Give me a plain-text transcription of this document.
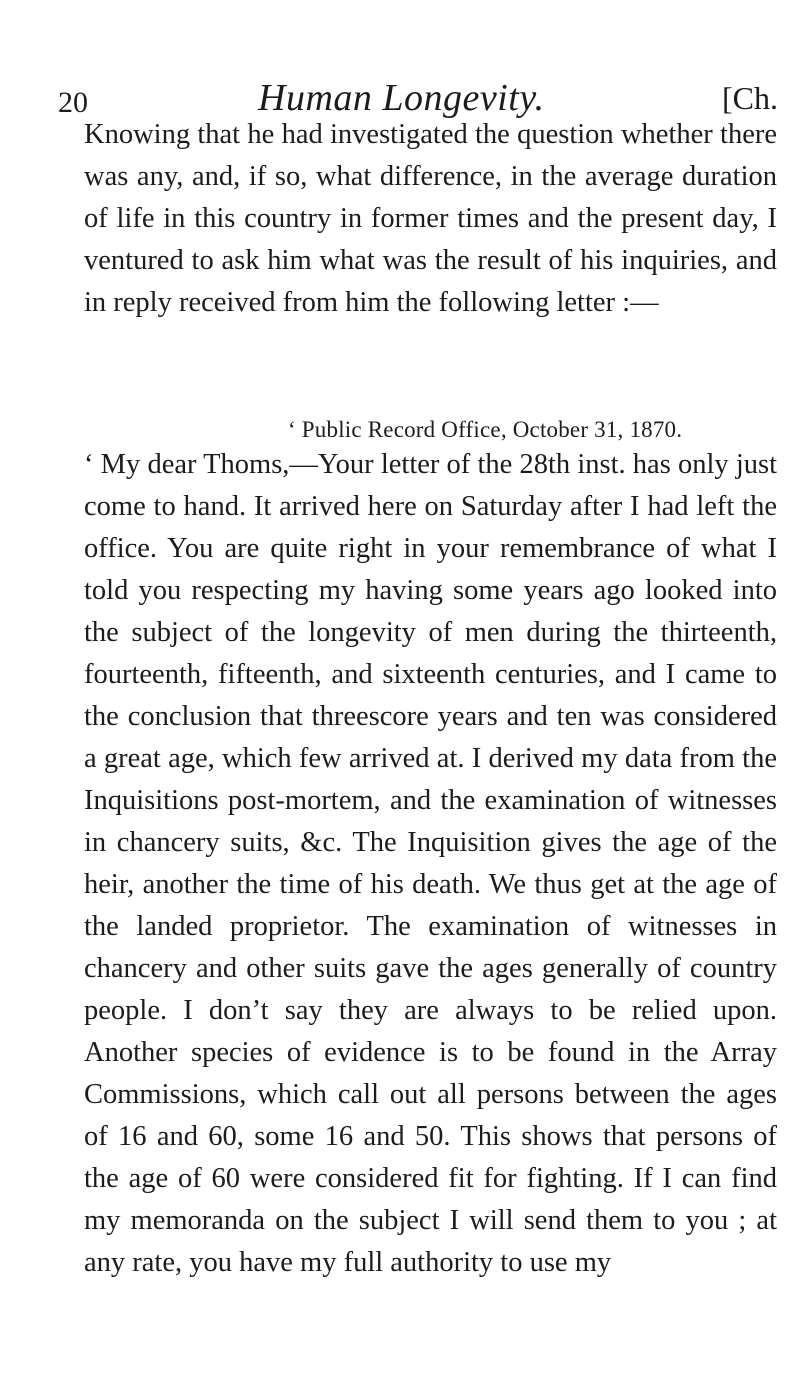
20	Human Longevity.	[Ch.

Knowing that he had investigated the question whether there was any, and, if so, what difference, in the average duration of life in this country in former times and the present day, I ventured to ask him what was the result of his inquiries, and in reply received from him the following letter :—

‘ Public Record Office, October 31, 1870.

‘ My dear Thoms,—Your letter of the 28th inst. has only just come to hand. It arrived here on Saturday after I had left the office. You are quite right in your remembrance of what I told you respecting my having some years ago looked into the subject of the longevity of men during the thirteenth, fourteenth, fifteenth, and sixteenth centuries, and I came to the conclusion that threescore years and ten was considered a great age, which few arrived at. I derived my data from the Inquisitions post-mortem, and the examination of witnesses in chancery suits, &c. The Inquisition gives the age of the heir, another the time of his death. We thus get at the age of the landed proprietor. The examination of witnesses in chancery and other suits gave the ages generally of country people. I don’t say they are always to be relied upon. Another species of evidence is to be found in the Array Commissions, which call out all persons between the ages of 16 and 60, some 16 and 50. This shows that persons of the age of 60 were considered fit for fighting. If I can find my memoranda on the subject I will send them to you ; at any rate, you have my full authority to use my
